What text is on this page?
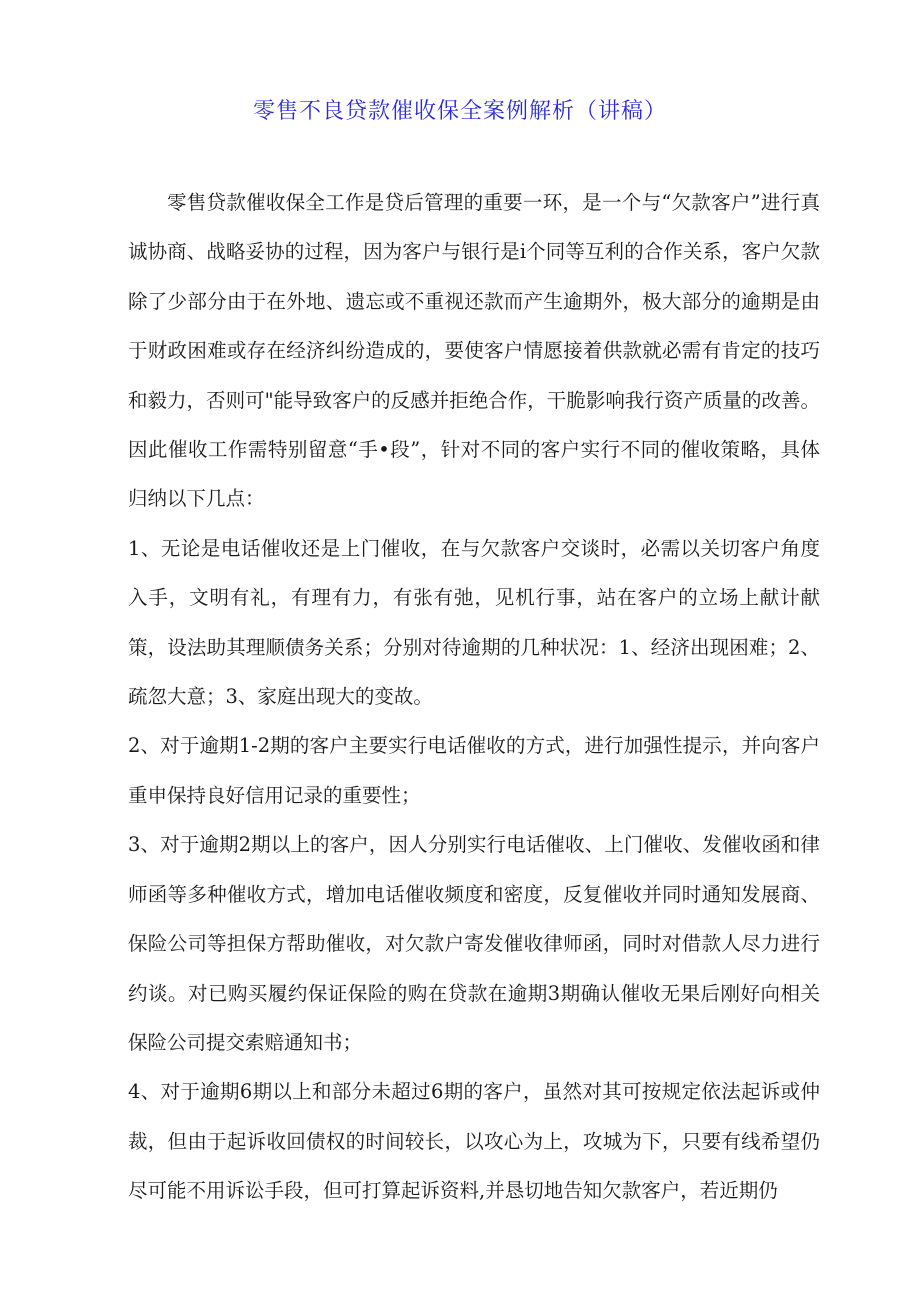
零售不良贷款催收保全案例解析（讲稿）

零售贷款催收保全工作是贷后管理的重要一环，是一个与“欠款客户”进行真诚协商、战略妥协的过程，因为客户与银行是i个同等互利的合作关系，客户欠款除了少部分由于在外地、遗忘或不重视还款而产生逾期外，极大部分的逾期是由于财政困难或存在经济纠纷造成的，要使客户情愿接着供款就必需有肯定的技巧和毅力，否则可"能导致客户的反感并拒绝合作，干脆影响我行资产质量的改善。因此催收工作需特别留意“手•段”，针对不同的客户实行不同的催收策略，具体归纳以下几点：

1、无论是电话催收还是上门催收，在与欠款客户交谈时，必需以关切客户角度入手，文明有礼，有理有力，有张有弛，见机行事，站在客户的立场上献计献策，设法助其理顺债务关系；分别对待逾期的几种状况：1、经济出现困难；2、疏忽大意；3、家庭出现大的变故。

2、对于逾期1-2期的客户主要实行电话催收的方式，进行加强性提示，并向客户重申保持良好信用记录的重要性；

3、对于逾期2期以上的客户，因人分别实行电话催收、上门催收、发催收函和律师函等多种催收方式，增加电话催收频度和密度，反复催收并同时通知发展商、保险公司等担保方帮助催收，对欠款户寄发催收律师函，同时对借款人尽力进行约谈。对已购买履约保证保险的购在贷款在逾期3期确认催收无果后刚好向相关保险公司提交索赔通知书；

4、对于逾期6期以上和部分未超过6期的客户，虽然对其可按规定依法起诉或仲裁，但由于起诉收回债权的时间较长，以攻心为上，攻城为下，只要有线希望仍尽可能不用诉讼手段，但可打算起诉资料,并恳切地告知欠款客户，若近期仍
